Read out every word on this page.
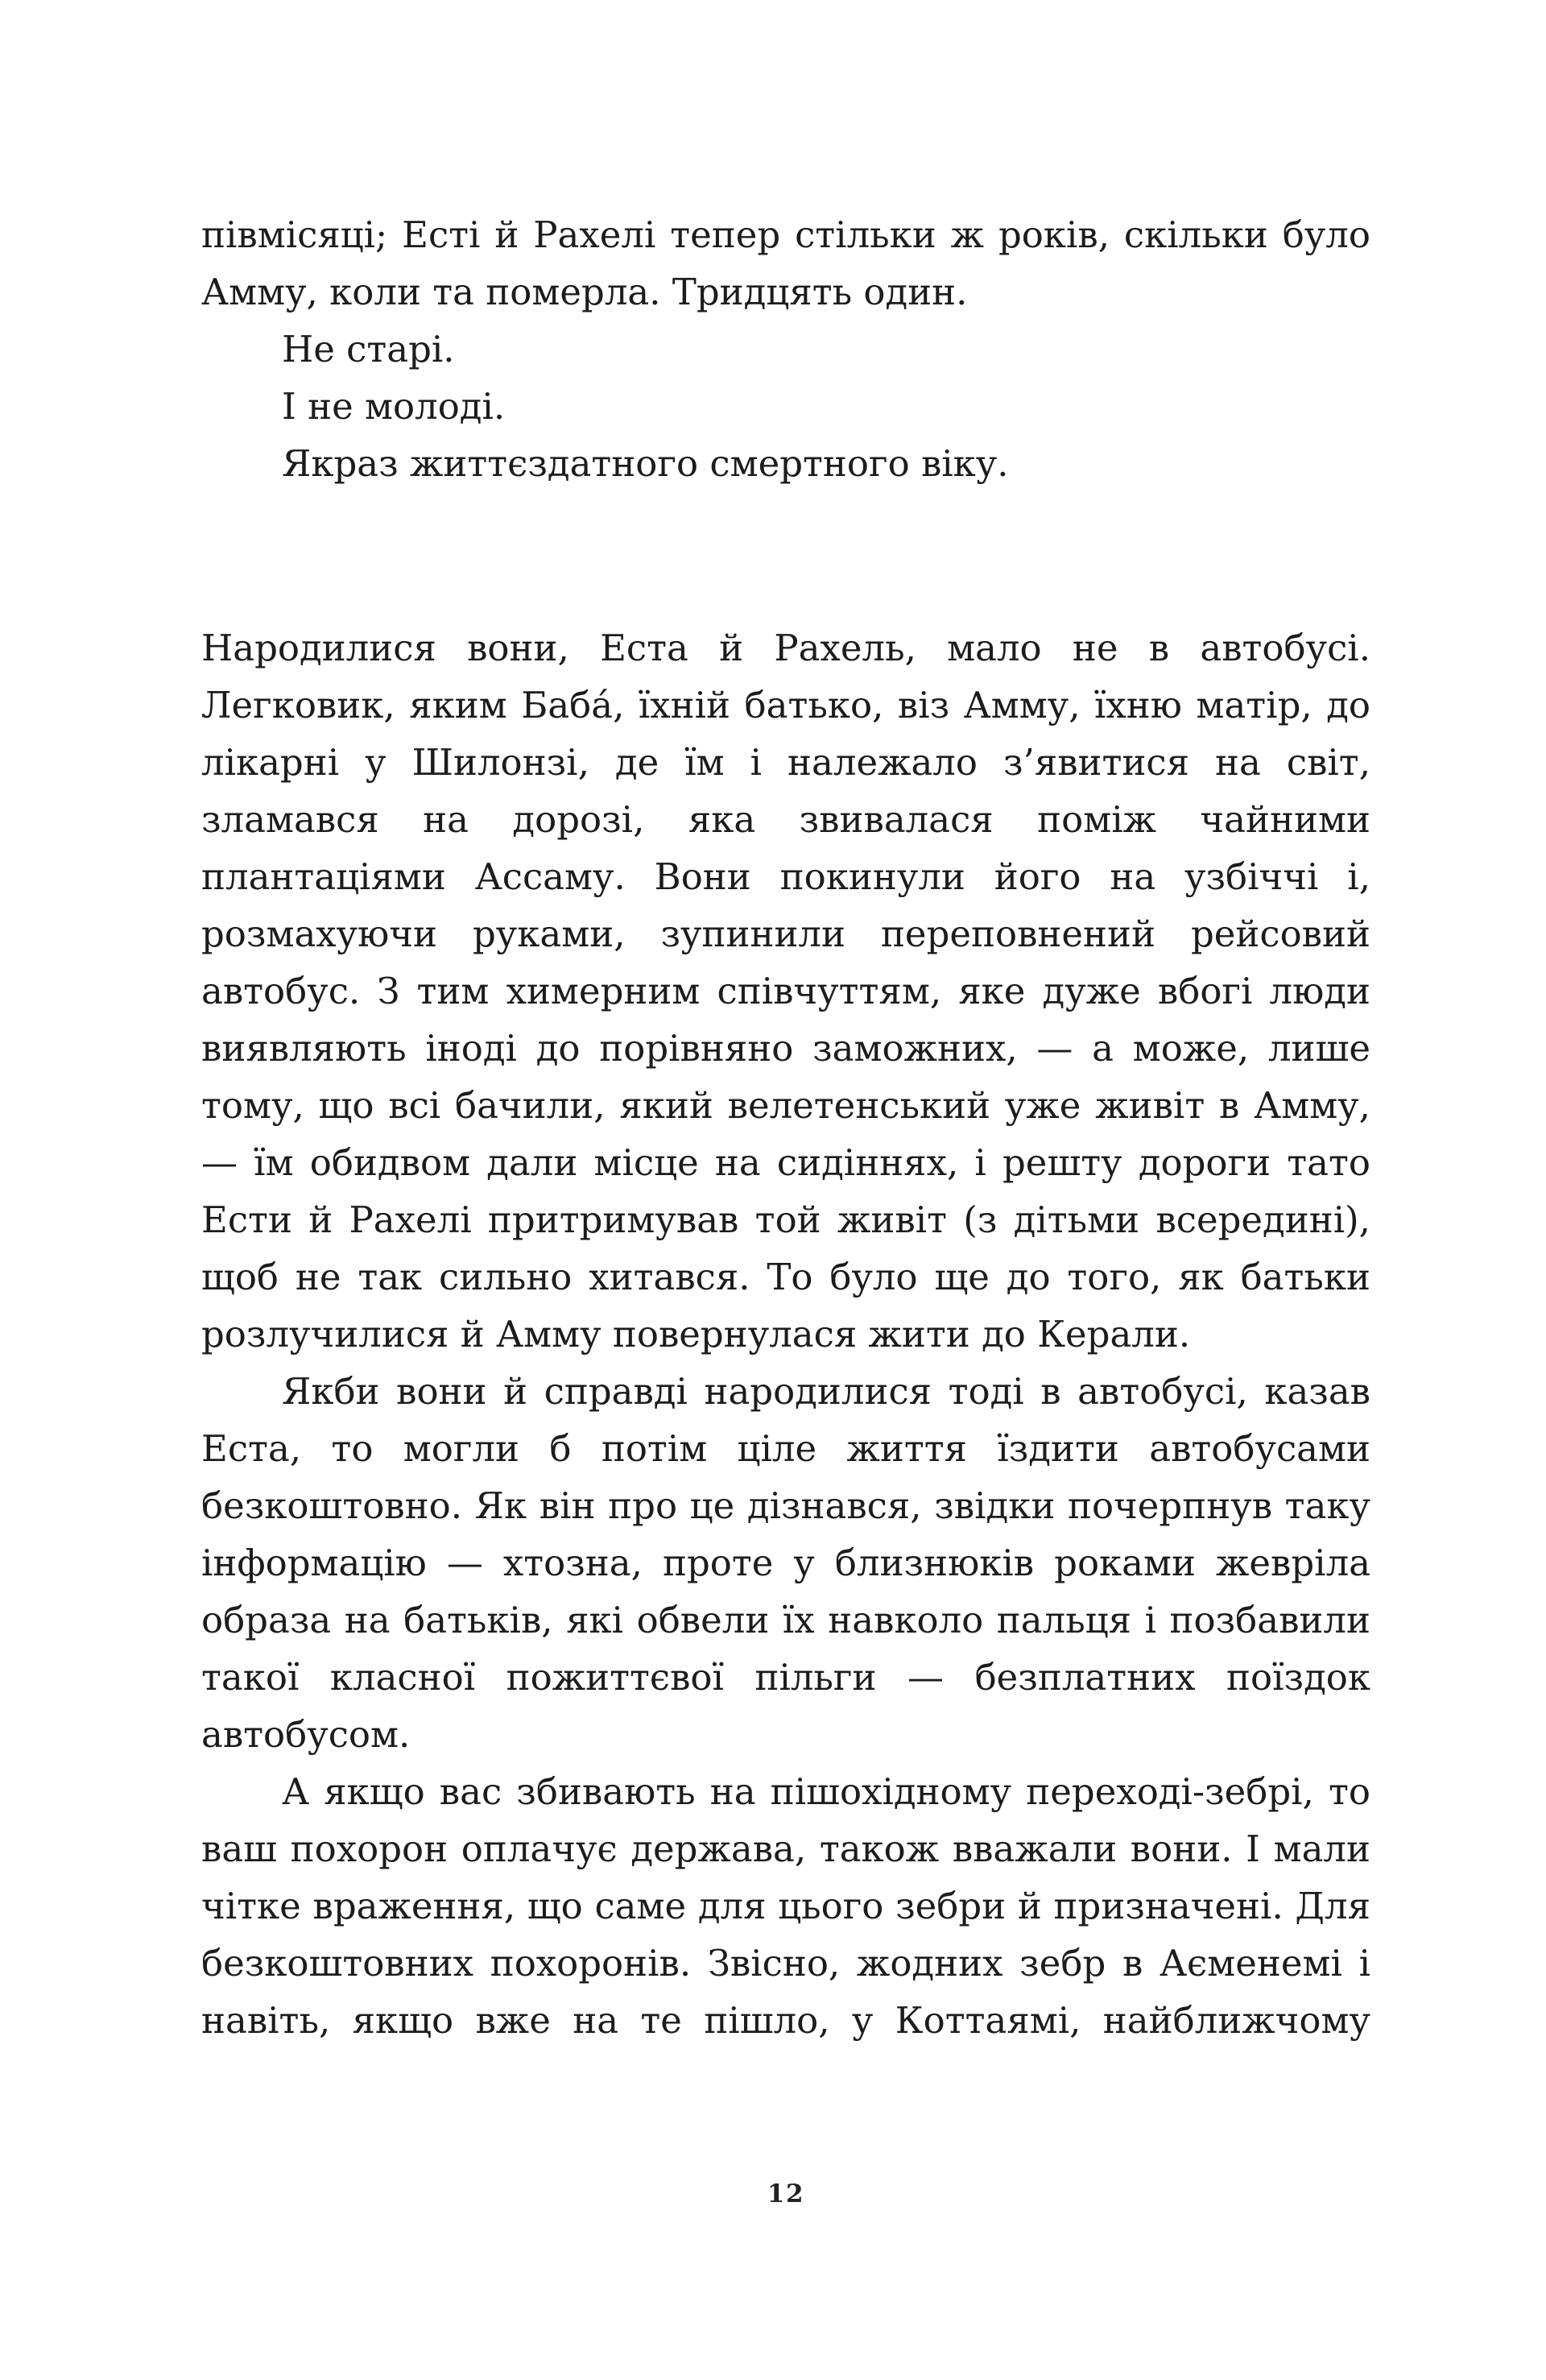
півмісяці; Есті й Рахелі тепер стільки ж років, скільки було Амму, коли та померла. Тридцять один.

Не старі.

І не молоді.

Якраз життєздатного смертного віку.

Народилися вони, Еста й Рахель, мало не в автобусі. Легковик, яким Баба́, їхній батько, віз Амму, їхню матір, до лікарні у Шилонзі, де їм і належало з’явитися на світ, зламався на дорозі, яка звивалася поміж чайними плантаціями Ассаму. Вони покинули його на узбіччі і, розмахуючи руками, зупинили переповнений рейсовий автобус. З тим химерним співчуттям, яке дуже вбогі люди виявляють іноді до порівняно заможних, — а може, лише тому, що всі бачили, який велетенський уже живіт в Амму, — їм обидвом дали місце на сидіннях, і решту дороги тато Ести й Рахелі притримував той живіт (з дітьми всередині), щоб не так сильно хитався. То було ще до того, як батьки розлучилися й Амму повернулася жити до Керали.

Якби вони й справді народилися тоді в автобусі, казав Еста, то могли б потім ціле життя їздити автобусами безкоштовно. Як він про це дізнався, звідки почерпнув таку інформацію — хтозна, проте у близнюків роками жевріла образа на батьків, які обвели їх навколо пальця і позбавили такої класної пожиттєвої пільги — безплатних поїздок автобусом.

А якщо вас збивають на пішохідному переході-зебрі, то ваш похорон оплачує держава, також вважали вони. І мали чітке враження, що саме для цього зебри й призначені. Для безкоштовних похоронів. Звісно, жодних зебр в Аєменемі і навіть, якщо вже на те пішло, у Коттаямі, найближчому

12
